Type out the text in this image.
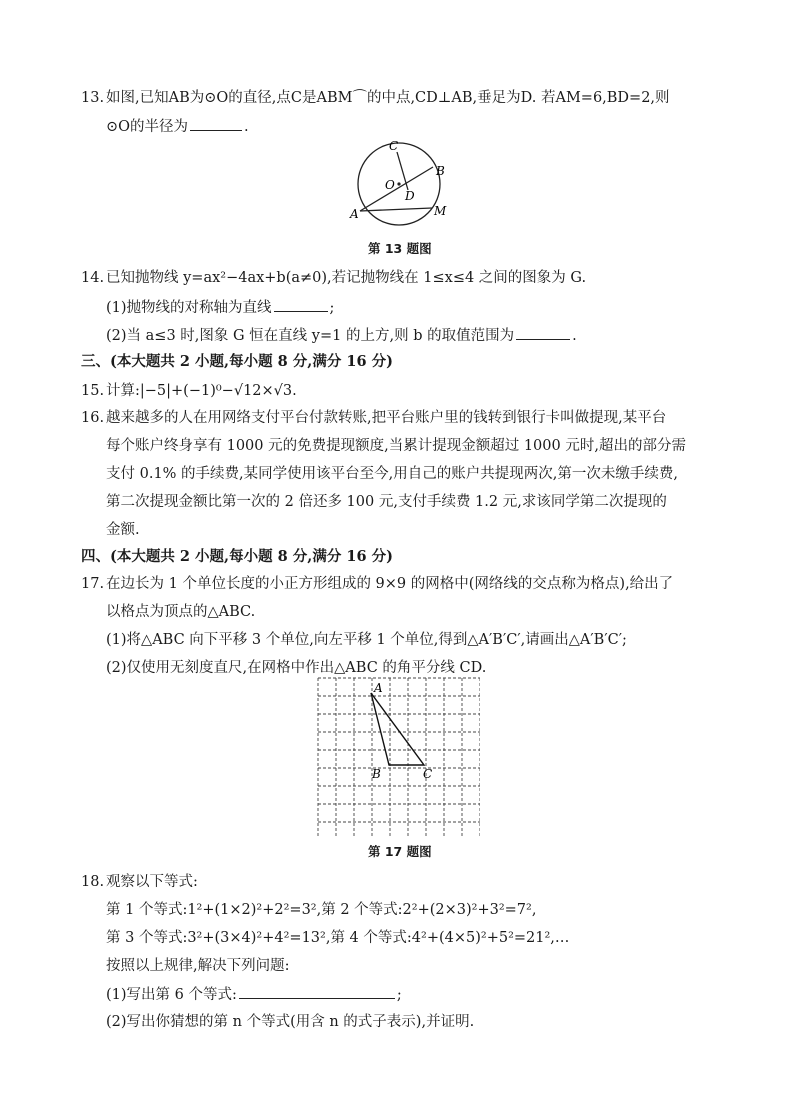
13. 如图,已知AB为⊙O的直径,点C是ABM⌒的中点,CD⊥AB,垂足为D. 若AM=6,BD=2,则
⊙O的半径为	.
C
B
O
D
A	M
第 13 题图
14. 已知抛物线 y=ax²−4ax+b(a≠0),若记抛物线在 1≤x≤4 之间的图象为 G.
(1)抛物线的对称轴为直线	;
(2)当 a≤3 时,图象 G 恒在直线 y=1 的上方,则 b 的取值范围为	.
三、(本大题共 2 小题,每小题 8 分,满分 16 分)
15. 计算:|−5|+(−1)⁰−√12×√3.
16. 越来越多的人在用网络支付平台付款转账,把平台账户里的钱转到银行卡叫做提现,某平台
每个账户终身享有 1000 元的免费提现额度,当累计提现金额超过 1000 元时,超出的部分需
支付 0.1% 的手续费,某同学使用该平台至今,用自己的账户共提现两次,第一次未缴手续费,
第二次提现金额比第一次的 2 倍还多 100 元,支付手续费 1.2 元,求该同学第二次提现的
金额.
四、(本大题共 2 小题,每小题 8 分,满分 16 分)
17. 在边长为 1 个单位长度的小正方形组成的 9×9 的网格中(网络线的交点称为格点),给出了
以格点为顶点的△ABC.
(1)将△ABC 向下平移 3 个单位,向左平移 1 个单位,得到△A′B′C′,请画出△A′B′C′;
(2)仅使用无刻度直尺,在网格中作出△ABC 的角平分线 CD.
A
B	C
第 17 题图
18. 观察以下等式:
第 1 个等式:1²+(1×2)²+2²=3²,第 2 个等式:2²+(2×3)²+3²=7²,
第 3 个等式:3²+(3×4)²+4²=13²,第 4 个等式:4²+(4×5)²+5²=21²,…
按照以上规律,解决下列问题:
(1)写出第 6 个等式:	;
(2)写出你猜想的第 n 个等式(用含 n 的式子表示),并证明.
